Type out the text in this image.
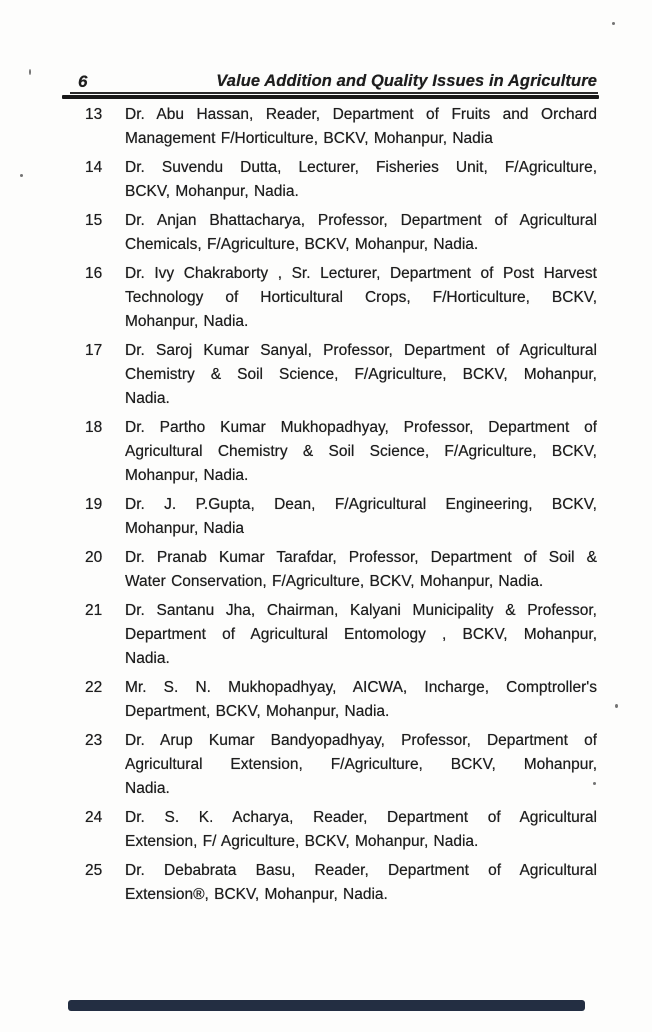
6	Value Addition and Quality Issues in Agriculture
13	Dr. Abu Hassan, Reader, Department of Fruits and Orchard
Management F/Horticulture, BCKV, Mohanpur, Nadia
14	Dr. Suvendu Dutta, Lecturer, Fisheries Unit, F/Agriculture,
BCKV, Mohanpur, Nadia.
15	Dr. Anjan Bhattacharya, Professor, Department of Agricultural
Chemicals, F/Agriculture, BCKV, Mohanpur, Nadia.
16	Dr. Ivy Chakraborty , Sr. Lecturer, Department of Post Harvest
Technology of Horticultural Crops, F/Horticulture, BCKV,
Mohanpur, Nadia.
17	Dr. Saroj Kumar Sanyal, Professor, Department of Agricultural
Chemistry & Soil Science, F/Agriculture, BCKV, Mohanpur,
Nadia.
18	Dr. Partho Kumar Mukhopadhyay, Professor, Department of
Agricultural Chemistry & Soil Science, F/Agriculture, BCKV,
Mohanpur, Nadia.
19	Dr. J. P.Gupta, Dean, F/Agricultural Engineering, BCKV,
Mohanpur, Nadia
20	Dr. Pranab Kumar Tarafdar, Professor, Department of Soil &
Water Conservation, F/Agriculture, BCKV, Mohanpur, Nadia.
21	Dr. Santanu Jha, Chairman, Kalyani Municipality & Professor,
Department of Agricultural Entomology , BCKV, Mohanpur,
Nadia.
22	Mr. S. N. Mukhopadhyay, AICWA, Incharge, Comptroller's
Department, BCKV, Mohanpur, Nadia.
23	Dr. Arup Kumar Bandyopadhyay, Professor, Department of
Agricultural Extension, F/Agriculture, BCKV, Mohanpur,
Nadia.
24	Dr. S. K. Acharya, Reader, Department of Agricultural
Extension, F/ Agriculture, BCKV, Mohanpur, Nadia.
25	Dr. Debabrata Basu, Reader, Department of Agricultural
Extension®, BCKV, Mohanpur, Nadia.
